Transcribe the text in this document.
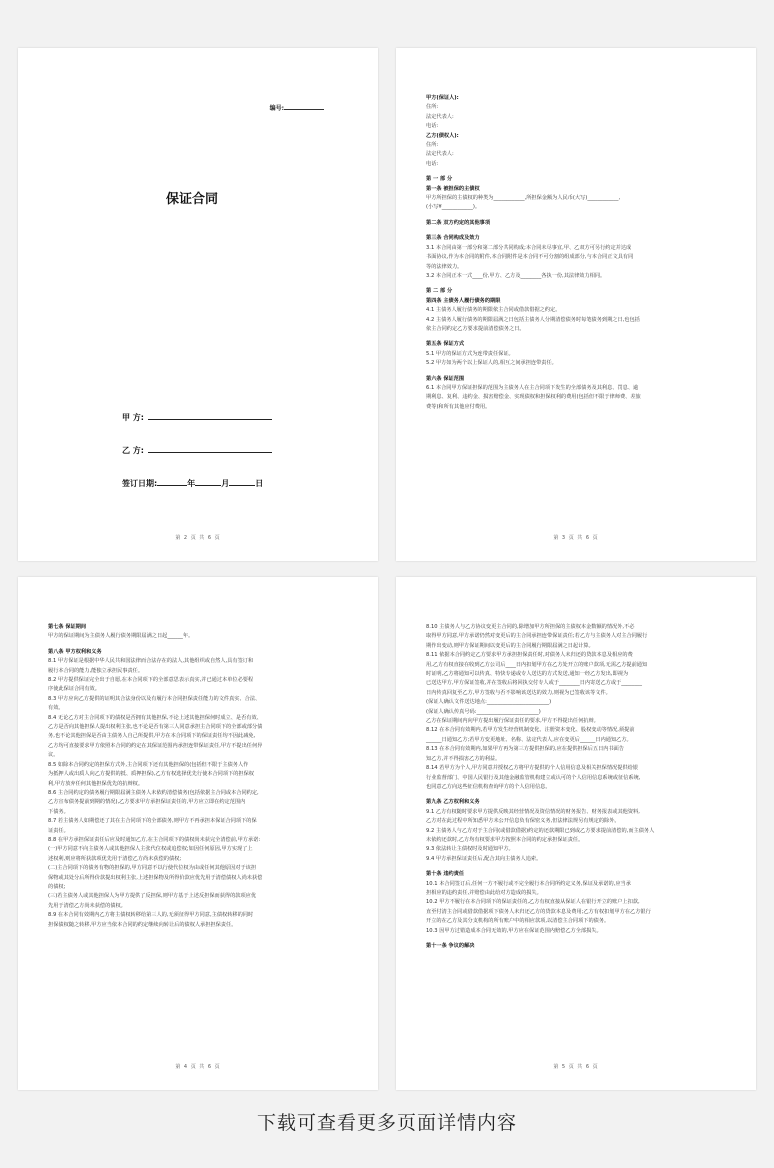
编号:
保证合同
甲 方:
乙 方:
签订日期:	年	月	日
第 2 页 共 6 页

甲方(保证人):

住所:

法定代表人:

电话:

乙方(债权人):

住所:

法定代表人:

电话:

第 一 部 分

第一条 被担保的主债权

甲方所担保的主债权的种类为____________,所担保金额为人民币(大写)____________,

(小写¥____________)。

第二条 双方约定的其他事项

第三条 合同构成及效力

3.1 本合同由第一部分和第二部分共同构成;本合同未尽事宜,甲、乙双方可另行约定并达成

书面协议,作为本合同的附件,本合同附件是本合同不可分割的组成部分,与本合同正文具有同

等的法律效力。

3.2 本合同正本一式____份,甲方、乙方及________各执一份,其法律效力相同。

第 二 部 分

第四条 主债务人履行债务的期限

4.1 主债务人履行债务的期限依主合同或借款借据之约定。

4.2 主债务人履行债务的期限届满之日包括主债务人分期清偿债务时每笔债务到期之日,也包括

依主合同约定乙方要求提前清偿债务之日。

第五条 保证方式

5.1 甲方的保证方式为连带责任保证。

5.2 甲方如为两个以上保证人的,相互之间承担连带责任。

第六条 保证范围

6.1 本合同甲方保证担保的范围为主债务人在主合同项下发生的全部债务及其利息、罚息、逾

期利息、复利、违约金、损害赔偿金、实现债权和担保权利的费用(包括但不限于律师费、差旅

费等)和所有其他应付费用。

第 3 页 共 6 页

第七条 保证期间

甲方的保证期间为主债务人履行债务期限届满之日起______年。

第八条 甲方权利和义务

8.1 甲方保证是根据中华人民共和国法律而合法存在的法人,其他组织或自然人,具有签订和

履行本合同的能力,能独立承担民事责任。

8.2 甲方提供保证完全出于自愿,在本合同项下的全部意思表示真实,并已通过本单位必要程

序使此保证合同有效。

8.3 甲方应向乙方提供的证明其合法身份以及有履行本合同担保责任能力的文件真实、合法、

有效。

8.4 无论乙方对主合同项下的债权是否拥有其他担保,不论上述其他担保何时成立、是否有效、

乙方是否向其他担保人提出权利主张,也不论是否有第三人同意承担主合同项下的全部或部分债

务,也不论其他担保是否由主债务人自己所提供,甲方在本合同项下的保证责任均不因此减免,

乙方均可直接要求甲方依照本合同的约定在其保证范围内承担连带保证责任,甲方不提出任何异

议。

8.5 如除本合同约定的担保方式外,主合同项下还有其他担保的(包括但不限于主债务人作

为抵押人或出质人向乙方提供的抵、质押担保),乙方有权选择优先行使本合同项下的担保权

利,甲方放弃任何其他担保优先的抗辩权。

8.6 主合同约定的债务履行期限届满主债务人未依约清偿债务(包括依据主合同或本合同约定,

乙方宣布债务提前到期的情况),乙方要求甲方承担保证责任的,甲方应立即在约定范围内

下债务。

8.7 若主债务人如期偿还了其在主合同项下的全部债务,则甲方不再承担本保证合同项下的保

证责任。

8.8 在甲方承担保证责任后应及时通知乙方,在主合同项下的债权尚未获完全清偿前,甲方承诺:

(一)甲方同意不向主债务人或其他担保人主张代位权或追偿权;如因任何原因,甲方实现了上

述权利,则应将所获款项优先用于清偿乙方尚未获偿的债权;

(二)主合同项下的债务有物的担保的,甲方同意不以行使代位权为由或任何其他原因对于该担

保物或其处分后所得价款提出权利主张,上述担保物及所得价款应优先用于清偿债权人尚未获偿

的债权;

(三)若主债务人或其他担保人为甲方提供了反担保,则甲方基于上述反担保而获得的款项应优

先用于清偿乙方尚未获偿的债权。

8.9 在本合同有效期内乙方将主债权转移给第三人的,无须征得甲方同意,主债权转移的同时

担保债权随之转移,甲方应当依本合同的约定继续向转让后的债权人承担担保责任。

第 4 页 共 6 页

8.10 主债务人与乙方协议变更主合同的,除增加甲方所担保的主债权本金数额的情况外,不必

取得甲方同意,甲方承诺仍然对变更后的主合同承担连带保证责任;若乙方与主债务人对主合同履行

期作出变动,则甲方保证期间以变更后的主合同履行期限届满之日起计算。

8.11 依据本合同约定乙方要求甲方承担担保责任时,对债务人未归还的贷款本息及相应的费

用,乙方有权直接在收到乙方公司后____日内扣划甲方在乙方处开立的账户款项,无需乙方提前通知

时证明,乙方将通知可以传真、特快专递或专人送达的方式发送,通知一经乙方发出,即视为

已送达甲方,甲方保证签收,并在签收后将回执交付专人或于________日内寄送乙方或于________

日内传真回复至乙方,甲方签收与否不影响该送达的效力,则视为已签收该等文件。

(保证人确认文件送达地点:________________________)

(保证人确认传真号码:________________________)

乙方在保证期间内向甲方提出履行保证责任的要求,甲方不得提出任何抗辩。

8.12 在本合同有效期内,若甲方发生经营机制变化、注册资本变化、股权变动等情况,须提前

______日通知乙方;若甲方变更地址、名称、法定代表人,应在变更后______日内通知乙方。

8.13 在本合同有效期内,如果甲方再为第三方提供担保的,应在提供担保后五日内书面告

知乙方,并不得损害乙方的利益。

8.14 若甲方为个人,甲方同意并授权乙方将甲方提供的个人信用信息及相关担保情况提供给银

行业监督部门、中国人民银行及其他金融监管机构建立或认可的个人信用信息系统或征信系统,

也同意乙方向这些征信机构查询甲方的个人信用信息。

第九条 乙方权利和义务

9.1 乙方有权随时要求甲方提供反映其经营情况及资信情况的财务报告、财务报表或其他资料,

乙方对在此过程中所知悉甲方未公开信息负有保密义务,但法律法规另有规定的除外。

9.2 主债务人与乙方对于主合同(或借款借据)约定的还款期限已到或乙方要求提前清偿的,而主债务人

未依约还款时,乙方均有权要求甲方按照本合同的约定承担保证责任。

9.3 依法转让主债权时及时通知甲方。

9.4 甲方承担保证责任后,配合其向主债务人追索。

第十条 违约责任

10.1 本合同签订后,任何一方不履行或不完全履行本合同所约定义务,保证及承诺的,应当承

担相应的违约责任,并赔偿由此给对方造成的损失。

10.2 甲方不履行在本合同项下的保证责任的,乙方有权直接从保证人在银行开立的账户上扣款,

直至付清主合同或借款借据项下债务人未归还乙方的贷款本息及费用;乙方有权扣划甲方在乙方银行

开立的在乙方及其分支机构的所有账户中的相应款项,以清偿主合同项下的债务。

10.3 因甲方过错造成本合同无效的,甲方应在保证范围内赔偿乙方全部损失。

第十一条 争议的解决

第 5 页 共 6 页
下载可查看更多页面详情内容
